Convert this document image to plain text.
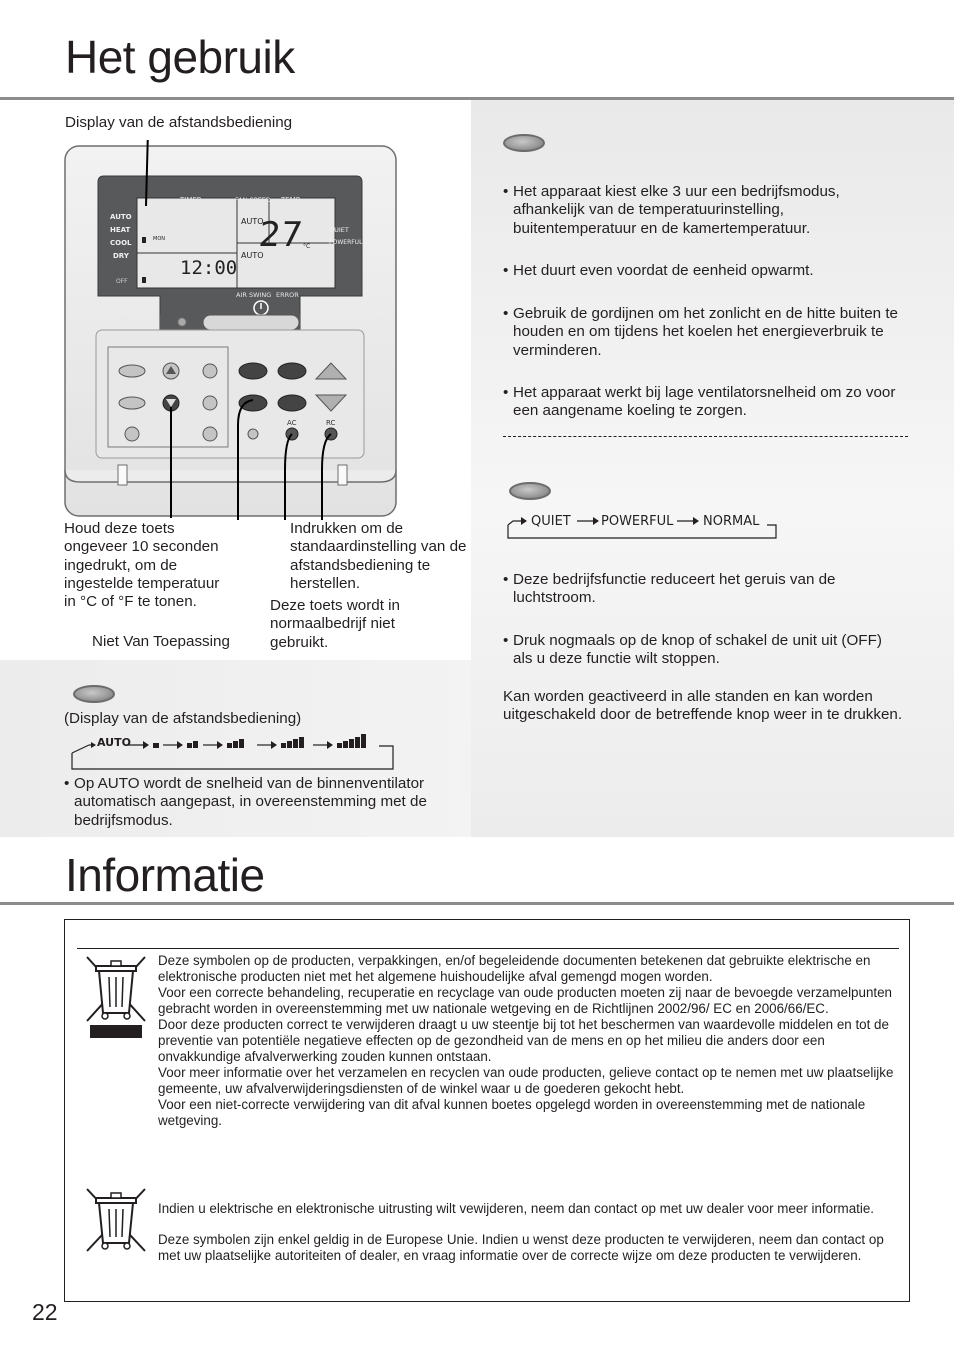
Het gebruik
Display van de afstandsbediening
12:00
27
°C
AUTO
AUTO
MON
TIMER	FAN SPEED TEMP
AUTO
HEAT
COOL
DRY
OFF
QUIET
POWERFUL
AIR SWING ERROR
AC	RC
Houd deze toets ongeveer 10 seconden ingedrukt, om de ingestelde temperatuur in °C of °F te tonen.
Niet Van Toepassing
Indrukken om de standaardinstelling van de afstandsbediening te herstellen.
Deze toets wordt in normaalbedrijf niet gebruikt.
(Display van de afstandsbediening)
AUTO
• Op AUTO wordt de snelheid van de binnenventilator automatisch aangepast, in overeenstemming met de bedrijfsmodus.
• Het apparaat kiest elke 3 uur een bedrijfsmodus, afhankelijk van de temperatuurinstelling, buitentemperatuur en de kamertemperatuur.
• Het duurt even voordat de eenheid opwarmt.
• Gebruik de gordijnen om het zonlicht en de hitte buiten te houden en om tijdens het koelen het energieverbruik te verminderen.
• Het apparaat werkt bij lage ventilatorsnelheid om zo voor een aangename koeling te zorgen.
QUIET POWERFUL NORMAL
• Deze bedrijfsfunctie reduceert het geruis van de luchtstroom.
• Druk nogmaals op de knop of schakel de unit uit (OFF) als u deze functie wilt stoppen.
Kan worden geactiveerd in alle standen en kan worden uitgeschakeld door de betreffende knop weer in te drukken.
Informatie
Deze symbolen op de producten, verpakkingen, en/of begeleidende documenten betekenen dat gebruikte elektrische en elektronische producten niet met het algemene huishoudelijke afval gemengd mogen worden.
Voor een correcte behandeling, recuperatie en recyclage van oude producten moeten zij naar de bevoegde verzamelpunten gebracht worden in overeenstemming met uw nationale wetgeving en de Richtlijnen 2002/96/ EC en 2006/66/EC.
Door deze producten correct te verwijderen draagt u uw steentje bij tot het beschermen van waardevolle middelen en tot de preventie van potentiële negatieve effecten op de gezondheid van de mens en op het milieu die anders door een onvakkundige afvalverwerking zouden kunnen ontstaan.
Voor meer informatie over het verzamelen en recyclen van oude producten, gelieve contact op te nemen met uw plaatselijke gemeente, uw afvalverwijderingsdiensten of de winkel waar u de goederen gekocht hebt.
Voor een niet-correcte verwijdering van dit afval kunnen boetes opgelegd worden in overeenstemming met de nationale wetgeving.
Indien u elektrische en elektronische uitrusting wilt vewijderen, neem dan contact op met uw dealer voor meer informatie.
Deze symbolen zijn enkel geldig in de Europese Unie. Indien u wenst deze producten te verwijderen, neem dan contact op met uw plaatselijke autoriteiten of dealer, en vraag informatie over de correcte wijze om deze producten te verwijderen.
22
